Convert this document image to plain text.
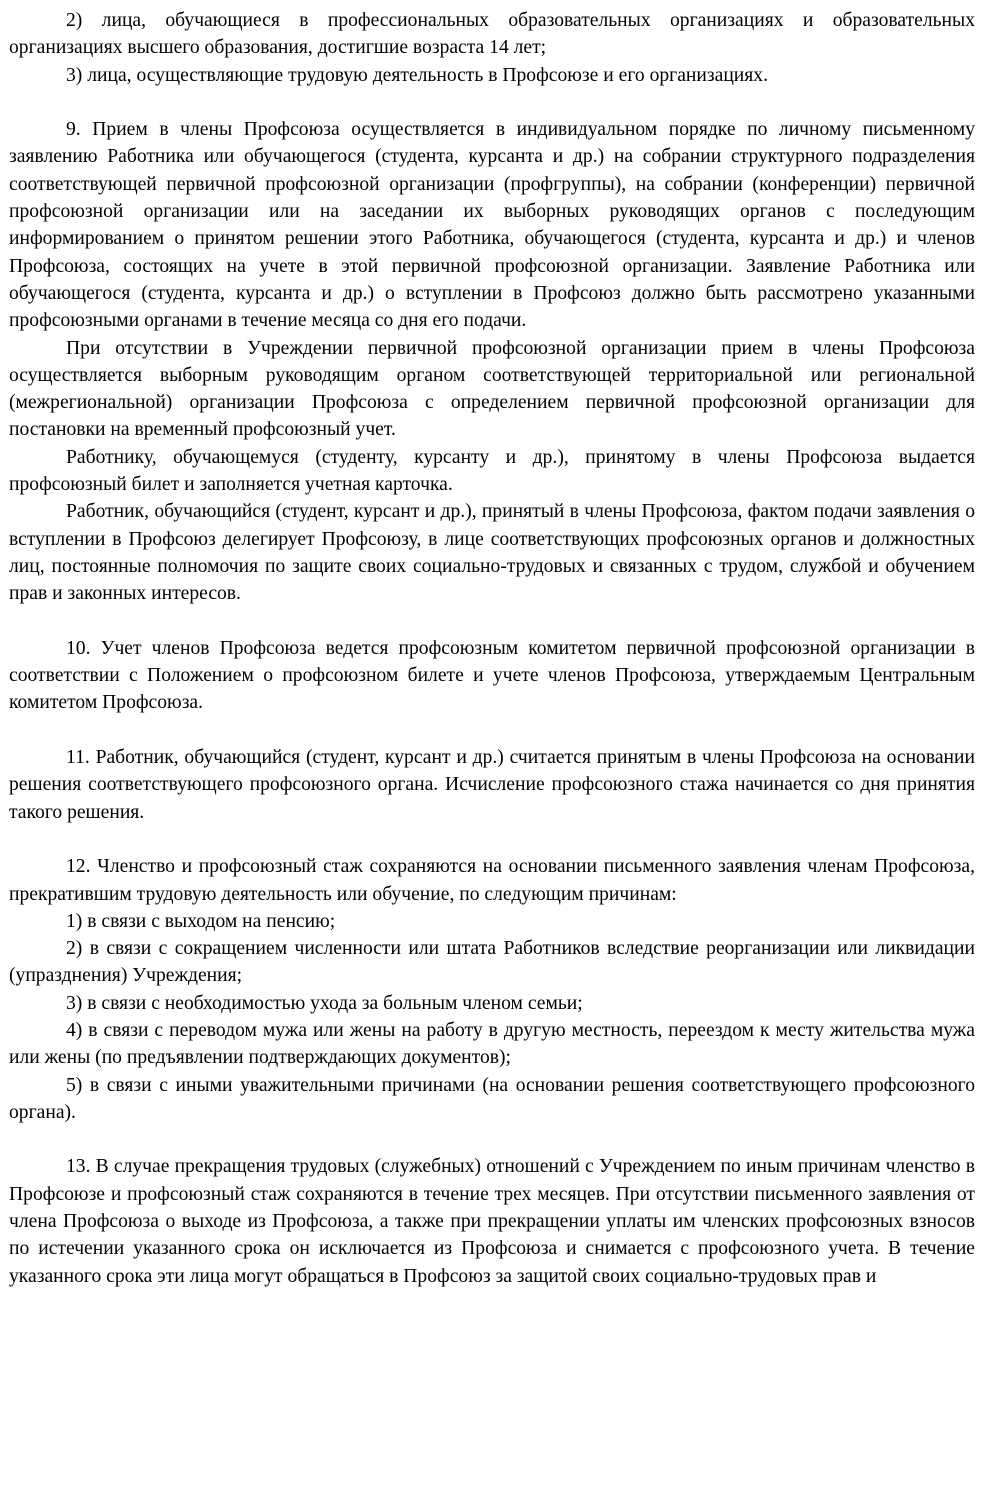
2) лица, обучающиеся в профессиональных образовательных организациях и образовательных организациях высшего образования, достигшие возраста 14 лет;

3) лица, осуществляющие трудовую деятельность в Профсоюзе и его организациях.

9. Прием в члены Профсоюза осуществляется в индивидуальном порядке по личному письменному заявлению Работника или обучающегося (студента, курсанта и др.) на собрании структурного подразделения соответствующей первичной профсоюзной организации (профгруппы), на собрании (конференции) первичной профсоюзной организации или на заседании их выборных руководящих органов с последующим информированием о принятом решении этого Работника, обучающегося (студента, курсанта и др.) и членов Профсоюза, состоящих на учете в этой первичной профсоюзной организации. Заявление Работника или обучающегося (студента, курсанта и др.) о вступлении в Профсоюз должно быть рассмотрено указанными профсоюзными органами в течение месяца со дня его подачи.

При отсутствии в Учреждении первичной профсоюзной организации прием в члены Профсоюза осуществляется выборным руководящим органом соответствующей территориальной или региональной (межрегиональной) организации Профсоюза с определением первичной профсоюзной организации для постановки на временный профсоюзный учет.

Работнику, обучающемуся (студенту, курсанту и др.), принятому в члены Профсоюза выдается профсоюзный билет и заполняется учетная карточка.

Работник, обучающийся (студент, курсант и др.), принятый в члены Профсоюза, фактом подачи заявления о вступлении в Профсоюз делегирует Профсоюзу, в лице соответствующих профсоюзных органов и должностных лиц, постоянные полномочия по защите своих социально-трудовых и связанных с трудом, службой и обучением прав и законных интересов.

10. Учет членов Профсоюза ведется профсоюзным комитетом первичной профсоюзной организации в соответствии с Положением о профсоюзном билете и учете членов Профсоюза, утверждаемым Центральным комитетом Профсоюза.

11. Работник, обучающийся (студент, курсант и др.) считается принятым в члены Профсоюза на основании решения соответствующего профсоюзного органа. Исчисление профсоюзного стажа начинается со дня принятия такого решения.

12. Членство и профсоюзный стаж сохраняются на основании письменного заявления членам Профсоюза, прекратившим трудовую деятельность или обучение, по следующим причинам:

1) в связи с выходом на пенсию;

2) в связи с сокращением численности или штата Работников вследствие реорганизации или ликвидации (упразднения) Учреждения;

3) в связи с необходимостью ухода за больным членом семьи;

4) в связи с переводом мужа или жены на работу в другую местность, переездом к месту жительства мужа или жены (по предъявлении подтверждающих документов);

5) в связи с иными уважительными причинами (на основании решения соответствующего профсоюзного органа).

13. В случае прекращения трудовых (служебных) отношений с Учреждением по иным причинам членство в Профсоюзе и профсоюзный стаж сохраняются в течение трех месяцев. При отсутствии письменного заявления от члена Профсоюза о выходе из Профсоюза, а также при прекращении уплаты им членских профсоюзных взносов по истечении указанного срока он исключается из Профсоюза и снимается с профсоюзного учета. В течение указанного срока эти лица могут обращаться в Профсоюз за защитой своих социально-трудовых прав и
